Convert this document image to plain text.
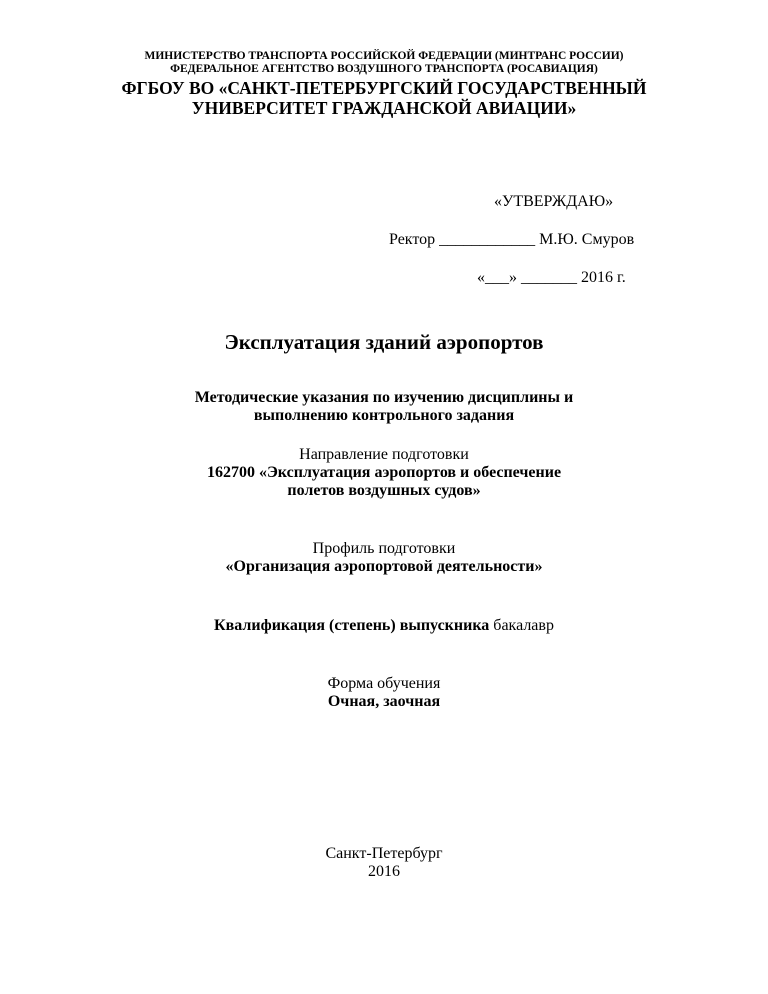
МИНИСТЕРСТВО ТРАНСПОРТА РОССИЙСКОЙ ФЕДЕРАЦИИ (МИНТРАНС РОССИИ)
ФЕДЕРАЛЬНОЕ АГЕНТСТВО ВОЗДУШНОГО ТРАНСПОРТА (РОСАВИАЦИЯ)
ФГБОУ ВО «САНКТ-ПЕТЕРБУРГСКИЙ ГОСУДАРСТВЕННЫЙ
УНИВЕРСИТЕТ ГРАЖДАНСКОЙ АВИАЦИИ»
«УТВЕРЖДАЮ»
Ректор ____________ М.Ю. Смуров
«___» _______ 2016 г.
Эксплуатация зданий аэропортов
Методические указания по изучению дисциплины и
выполнению контрольного задания
Направление подготовки
162700 «Эксплуатация аэропортов и обеспечение
полетов воздушных судов»
Профиль подготовки
«Организация аэропортовой деятельности»
Квалификация (степень) выпускника бакалавр
Форма обучения
Очная, заочная
Санкт-Петербург
2016
